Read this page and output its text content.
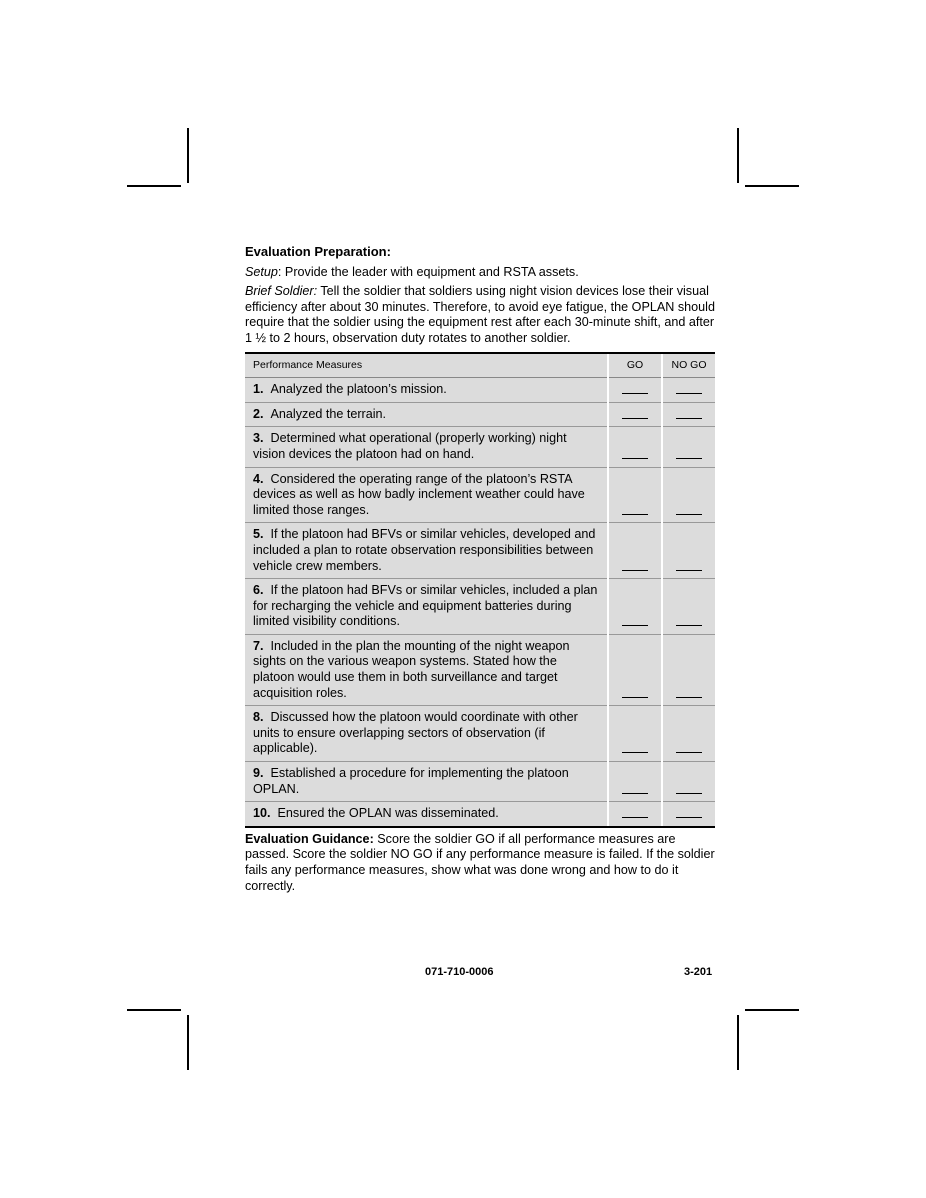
Evaluation Preparation:

Setup: Provide the leader with equipment and RSTA assets.

Brief Soldier: Tell the soldier that soldiers using night vision devices lose their visual efficiency after about 30 minutes. Therefore, to avoid eye fatigue, the OPLAN should require that the soldier using the equipment rest after each 30-minute shift, and after 1 ½ to 2 hours, observation duty rotates to another soldier.

Performance Measures	GO	NO GO
1. Analyzed the platoon’s mission.		
2. Analyzed the terrain.		
3. Determined what operational (properly working) night vision devices the platoon had on hand.		
4. Considered the operating range of the platoon’s RSTA devices as well as how badly inclement weather could have limited those ranges.		
5. If the platoon had BFVs or similar vehicles, developed and included a plan to rotate observation responsibilities between vehicle crew members.		
6. If the platoon had BFVs or similar vehicles, included a plan for recharging the vehicle and equipment batteries during limited visibility conditions.		
7. Included in the plan the mounting of the night weapon sights on the various weapon systems. Stated how the platoon would use them in both surveillance and target acquisition roles.		
8. Discussed how the platoon would coordinate with other units to ensure overlapping sectors of observation (if applicable).		
9. Established a procedure for implementing the platoon OPLAN.		
10. Ensured the OPLAN was disseminated.		

Evaluation Guidance: Score the soldier GO if all performance measures are passed. Score the soldier NO GO if any performance measure is failed. If the soldier fails any performance measures, show what was done wrong and how to do it correctly.

071-710-0006	3-201
